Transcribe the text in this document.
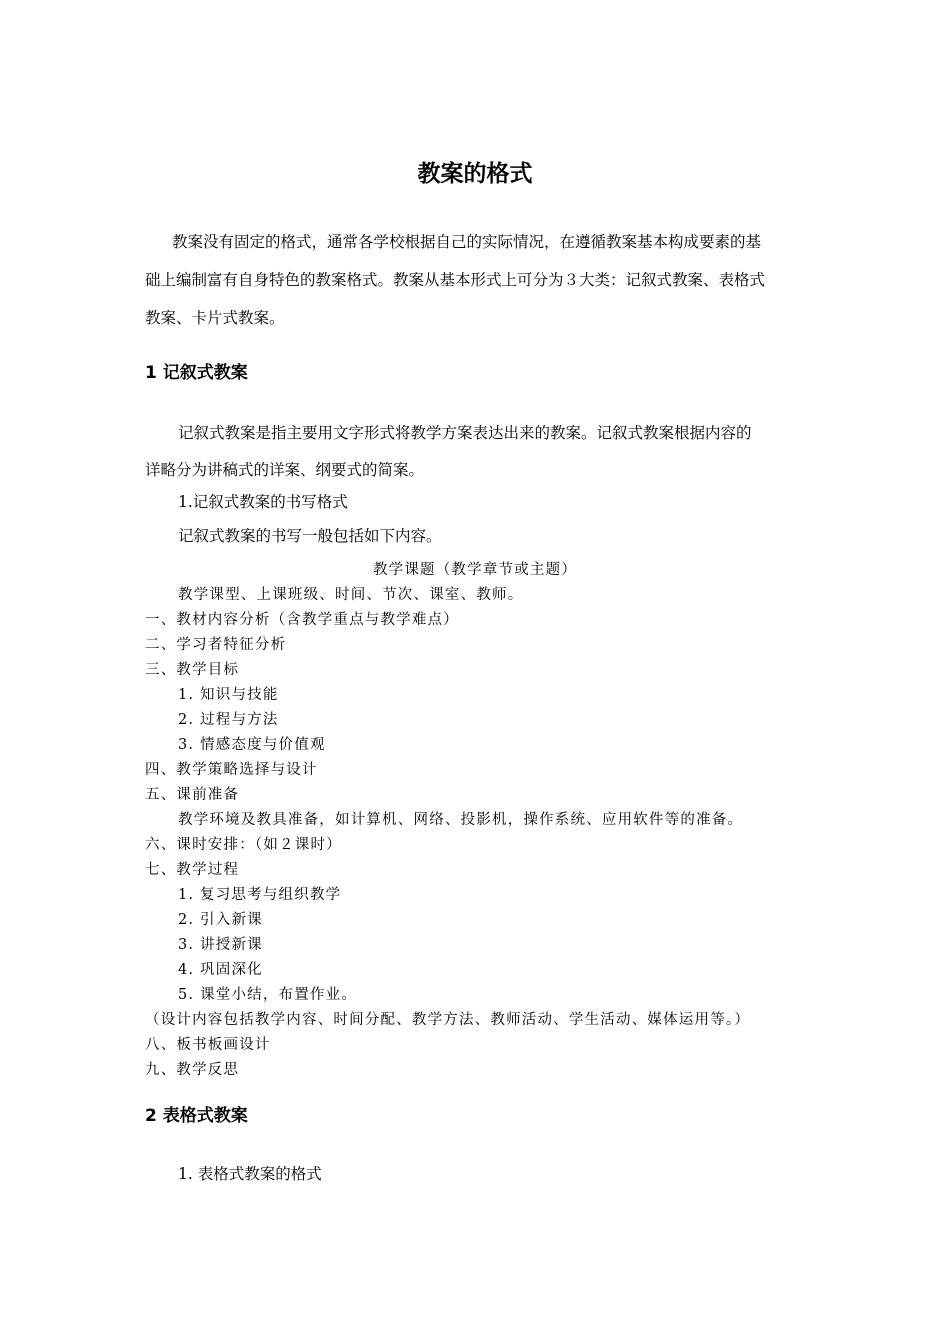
教案的格式
教案没有固定的格式，通常各学校根据自己的实际情况，在遵循教案基本构成要素的基
础上编制富有自身特色的教案格式。教案从基本形式上可分为３大类：记叙式教案、表格式
教案、卡片式教案。
1 记叙式教案
记叙式教案是指主要用文字形式将教学方案表达出来的教案。记叙式教案根据内容的
详略分为讲稿式的详案、纲要式的简案。
1.记叙式教案的书写格式
记叙式教案的书写一般包括如下内容。
教学课题（教学章节或主题）
教学课型、上课班级、时间、节次、课室、教师。
一、教材内容分析（含教学重点与教学难点）
二、学习者特征分析
三、教学目标
1. 知识与技能
2. 过程与方法
3. 情感态度与价值观
四、教学策略选择与设计
五、课前准备
教学环境及教具准备，如计算机、网络、投影机，操作系统、应用软件等的准备。
六、课时安排：（如２课时）
七、教学过程
1. 复习思考与组织教学
2. 引入新课
3. 讲授新课
4. 巩固深化
5. 课堂小结，布置作业。
（设计内容包括教学内容、时间分配、教学方法、教师活动、学生活动、媒体运用等。）
八、板书板画设计
九、教学反思
2 表格式教案
1. 表格式教案的格式
